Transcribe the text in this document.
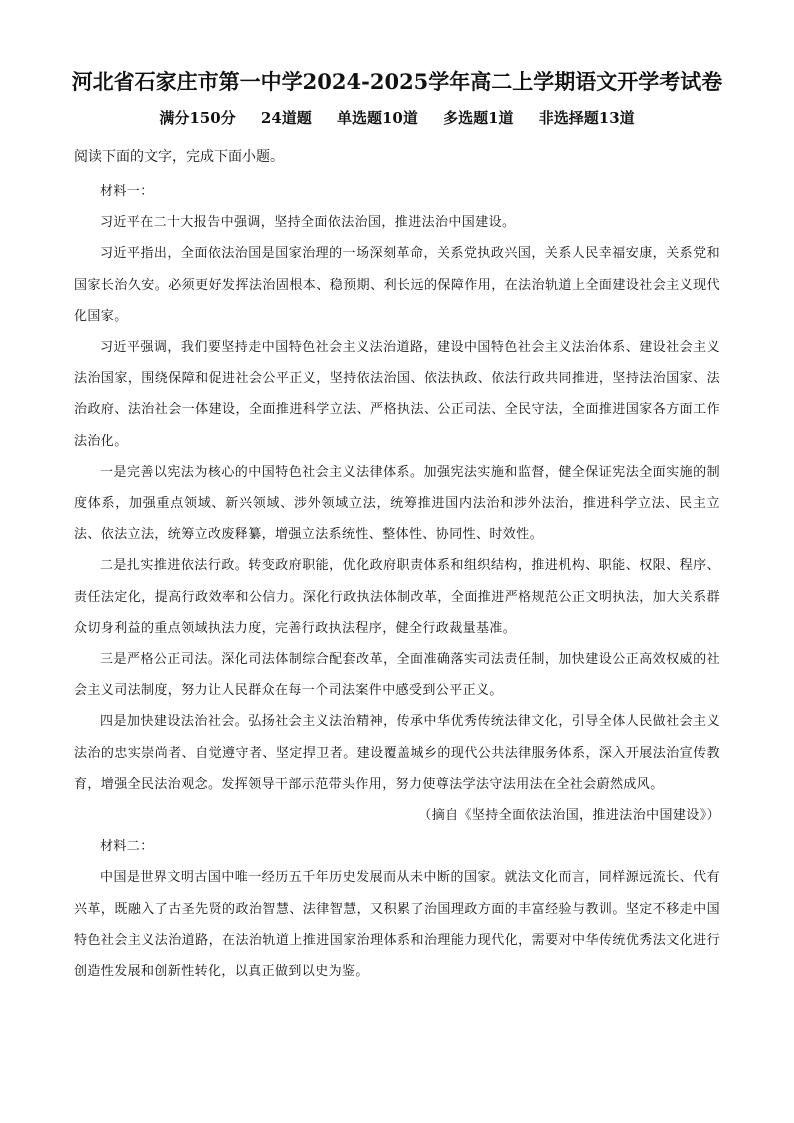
河北省石家庄市第一中学2024-2025学年高二上学期语文开学考试卷
满分150分 24道题 单选题10道 多选题1道 非选择题13道
阅读下面的文字，完成下面小题。

材料一：

习近平在二十大报告中强调，坚持全面依法治国，推进法治中国建设。

习近平指出，全面依法治国是国家治理的一场深刻革命，关系党执政兴国，关系人民幸福安康，关系党和国家长治久安。必须更好发挥法治固根本、稳预期、利长远的保障作用，在法治轨道上全面建设社会主义现代化国家。

习近平强调，我们要坚持走中国特色社会主义法治道路，建设中国特色社会主义法治体系、建设社会主义法治国家，围绕保障和促进社会公平正义，坚持依法治国、依法执政、依法行政共同推进，坚持法治国家、法治政府、法治社会一体建设，全面推进科学立法、严格执法、公正司法、全民守法，全面推进国家各方面工作法治化。

一是完善以宪法为核心的中国特色社会主义法律体系。加强宪法实施和监督，健全保证宪法全面实施的制度体系，加强重点领域、新兴领域、涉外领域立法，统筹推进国内法治和涉外法治，推进科学立法、民主立法、依法立法，统筹立改废释纂，增强立法系统性、整体性、协同性、时效性。

二是扎实推进依法行政。转变政府职能，优化政府职责体系和组织结构，推进机构、职能、权限、程序、责任法定化，提高行政效率和公信力。深化行政执法体制改革，全面推进严格规范公正文明执法，加大关系群众切身利益的重点领域执法力度，完善行政执法程序，健全行政裁量基准。

三是严格公正司法。深化司法体制综合配套改革，全面准确落实司法责任制，加快建设公正高效权威的社会主义司法制度，努力让人民群众在每一个司法案件中感受到公平正义。

四是加快建设法治社会。弘扬社会主义法治精神，传承中华优秀传统法律文化，引导全体人民做社会主义法治的忠实崇尚者、自觉遵守者、坚定捍卫者。建设覆盖城乡的现代公共法律服务体系，深入开展法治宣传教育，增强全民法治观念。发挥领导干部示范带头作用，努力使尊法学法守法用法在全社会蔚然成风。

（摘自《坚持全面依法治国，推进法治中国建设》）

材料二：

中国是世界文明古国中唯一经历五千年历史发展而从未中断的国家。就法文化而言，同样源远流长、代有兴革，既融入了古圣先贤的政治智慧、法律智慧，又积累了治国理政方面的丰富经验与教训。坚定不移走中国特色社会主义法治道路，在法治轨道上推进国家治理体系和治理能力现代化，需要对中华传统优秀法文化进行创造性发展和创新性转化，以真正做到以史为鉴。
